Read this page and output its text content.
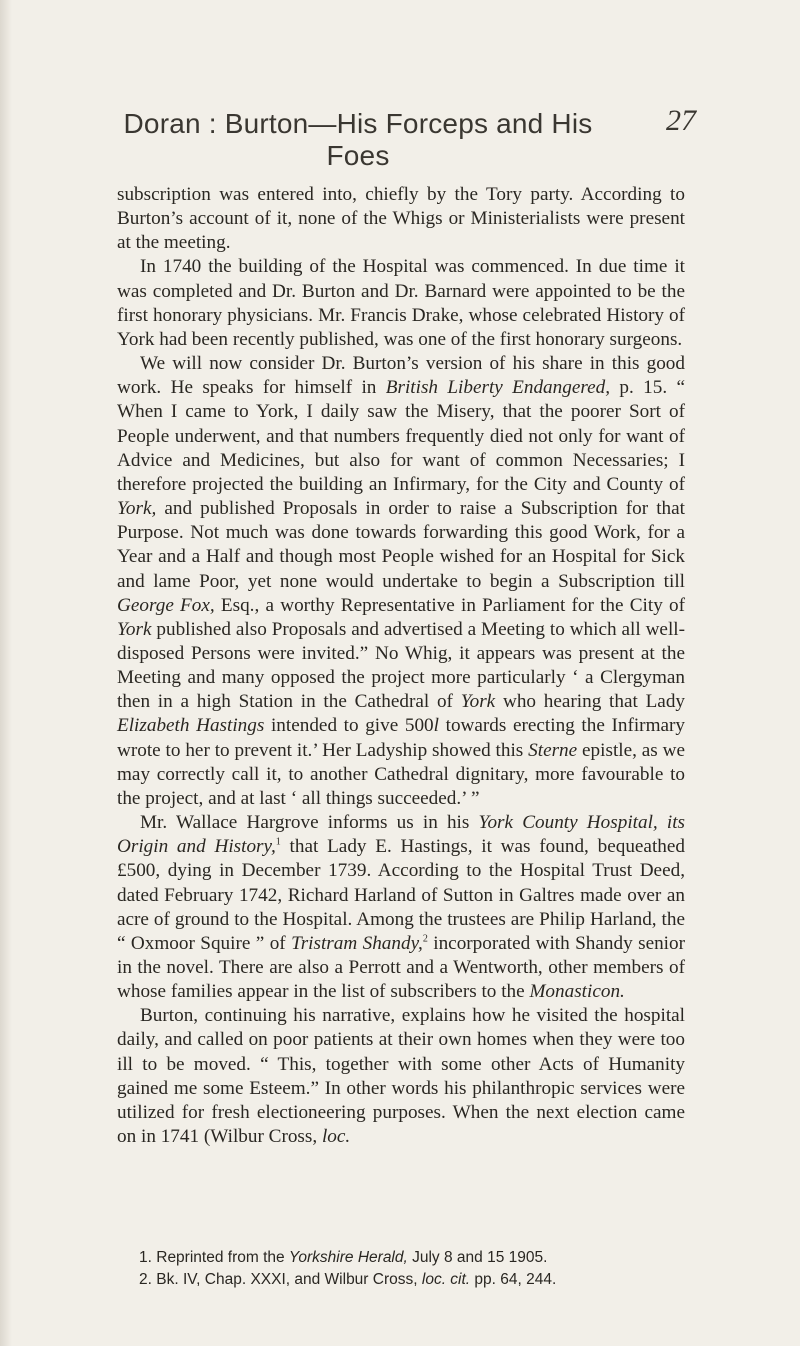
Doran : Burton—His Forceps and His Foes
27

subscription was entered into, chiefly by the Tory party. According to Burton’s account of it, none of the Whigs or Ministerialists were present at the meeting.

In 1740 the building of the Hospital was commenced. In due time it was completed and Dr. Burton and Dr. Barnard were appointed to be the first honorary physicians. Mr. Francis Drake, whose celebrated History of York had been recently published, was one of the first honorary surgeons.

We will now consider Dr. Burton’s version of his share in this good work. He speaks for himself in British Liberty Endangered, p. 15. “ When I came to York, I daily saw the Misery, that the poorer Sort of People underwent, and that numbers frequently died not only for want of Advice and Medicines, but also for want of common Necessaries; I therefore projected the building an Infirmary, for the City and County of York, and published Proposals in order to raise a Subscription for that Purpose. Not much was done towards forwarding this good Work, for a Year and a Half and though most People wished for an Hospital for Sick and lame Poor, yet none would undertake to begin a Subscription till George Fox, Esq., a worthy Representative in Parliament for the City of York published also Proposals and advertised a Meeting to which all well-disposed Persons were invited.” No Whig, it appears was present at the Meeting and many opposed the project more particularly ‘ a Clergyman then in a high Station in the Cathedral of York who hearing that Lady Elizabeth Hastings intended to give 500l towards erecting the Infirmary wrote to her to prevent it.’ Her Ladyship showed this Sterne epistle, as we may correctly call it, to another Cathedral dignitary, more favourable to the project, and at last ‘ all things succeeded.’ ”

Mr. Wallace Hargrove informs us in his York County Hospital, its Origin and History,$^1$ that Lady E. Hastings, it was found, bequeathed £500, dying in December 1739. According to the Hospital Trust Deed, dated February 1742, Richard Harland of Sutton in Galtres made over an acre of ground to the Hospital. Among the trustees are Philip Harland, the “ Oxmoor Squire ” of Tristram Shandy,$^2$ incorporated with Shandy senior in the novel. There are also a Perrott and a Wentworth, other members of whose families appear in the list of subscribers to the Monasticon.

Burton, continuing his narrative, explains how he visited the hospital daily, and called on poor patients at their own homes when they were too ill to be moved. “ This, together with some other Acts of Humanity gained me some Esteem.” In other words his philanthropic services were utilized for fresh electioneering purposes. When the next election came on in 1741 (Wilbur Cross, loc.

1. Reprinted from the Yorkshire Herald, July 8 and 15 1905.

2. Bk. IV, Chap. XXXI, and Wilbur Cross, loc. cit. pp. 64, 244.
